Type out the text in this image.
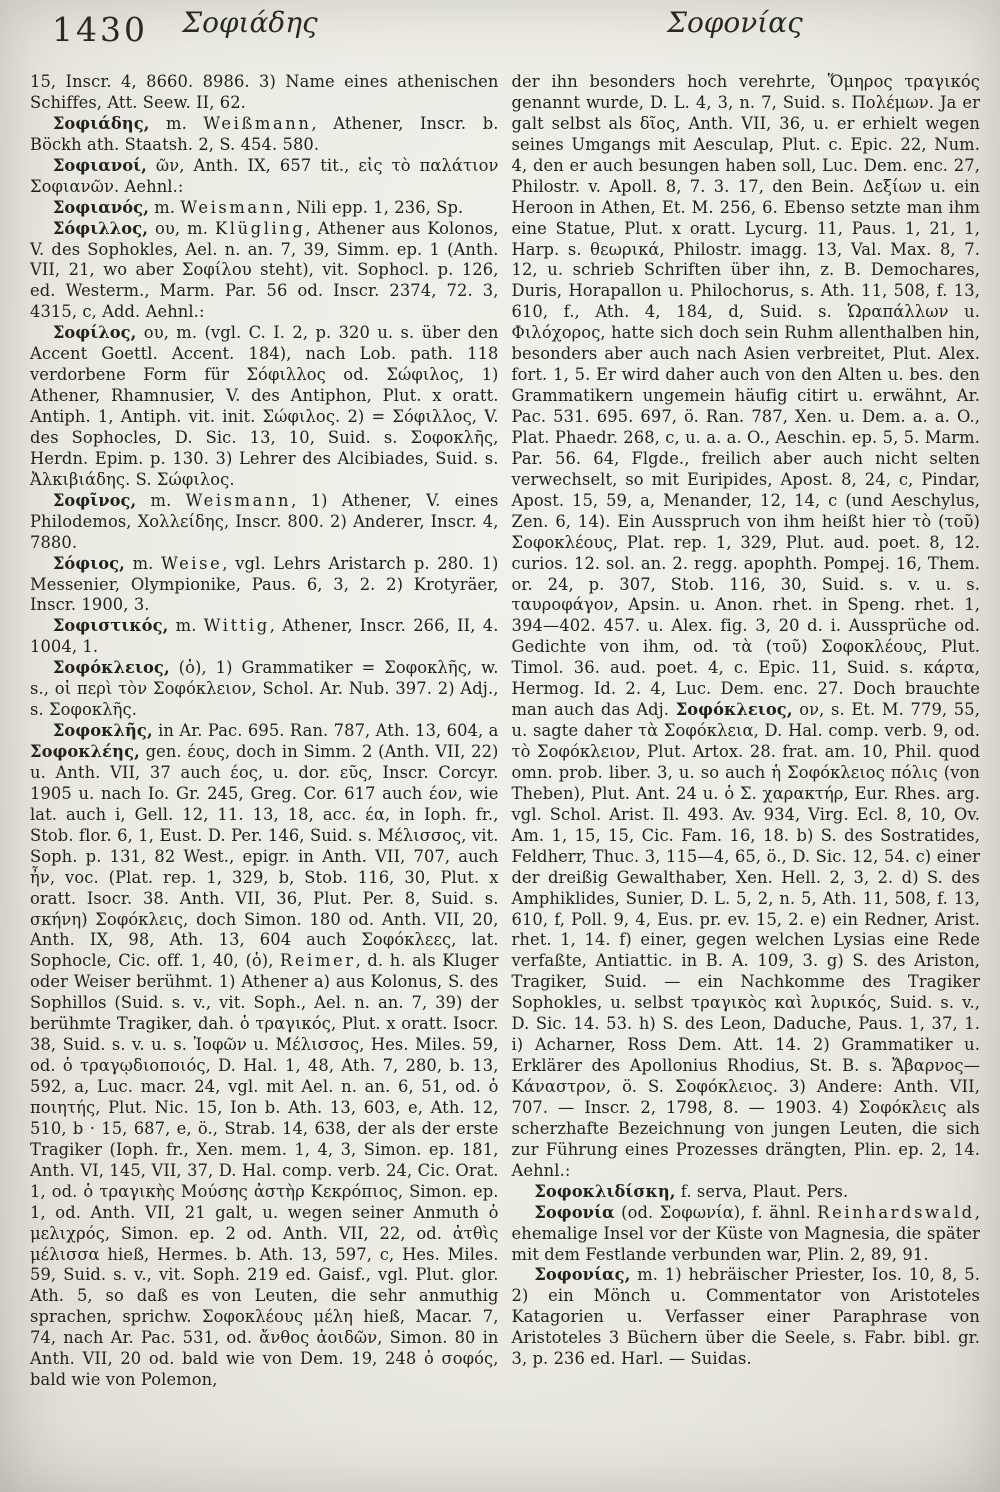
1430	Σοφιάδης	Σοφονίας

15, Inscr. 4, 8660. 8986. 3) Name eines athenischen Schiffes, Att. Seew. II, 62.

Σοφιάδης, m. Weißmann, Athener, Inscr. b. Böckh ath. Staatsh. 2, S. 454. 580.

Σοφιανοί, ῶν, Anth. IX, 657 tit., εἰς τὸ παλάτιον Σοφιανῶν. Aehnl.:

Σοφιανός, m. Weismann, Nili epp. 1, 236, Sp.

Σόφιλλος, ου, m. Klügling, Athener aus Kolonos, V. des Sophokles, Ael. n. an. 7, 39, Simm. ep. 1 (Anth. VII, 21, wo aber Σοφίλου steht), vit. Sophocl. p. 126, ed. Westerm., Marm. Par. 56 od. Inscr. 2374, 72. 3, 4315, c, Add. Aehnl.:

Σοφίλος, ου, m. (vgl. C. I. 2, p. 320 u. s. über den Accent Goettl. Accent. 184), nach Lob. path. 118 verdorbene Form für Σόφιλλος od. Σώφιλος, 1) Athener, Rhamnusier, V. des Antiphon, Plut. x oratt. Antiph. 1, Antiph. vit. init. Σώφιλος. 2) = Σόφιλλος, V. des Sophocles, D. Sic. 13, 10, Suid. s. Σοφοκλῆς, Herdn. Epim. p. 130. 3) Lehrer des Alcibiades, Suid. s. Ἀλκιβιάδης. S. Σώφιλος.

Σοφῖνος, m. Weismann, 1) Athener, V. eines Philodemos, Χολλείδης, Inscr. 800. 2) Anderer, Inscr. 4, 7880.

Σόφιος, m. Weise, vgl. Lehrs Aristarch p. 280. 1) Messenier, Olympionike, Paus. 6, 3, 2. 2) Krotyräer, Inscr. 1900, 3.

Σοφιστικός, m. Wittig, Athener, Inscr. 266, II, 4. 1004, 1.

Σοφόκλειος, (ὁ), 1) Grammatiker = Σοφοκλῆς, w. s., οἱ περὶ τὸν Σοφόκλειον, Schol. Ar. Nub. 397. 2) Adj., s. Σοφοκλῆς.

Σοφοκλῆς, in Ar. Pac. 695. Ran. 787, Ath. 13, 604, a Σοφοκλέης, gen. έους, doch in Simm. 2 (Anth. VII, 22) u. Anth. VII, 37 auch έος, u. dor. εῦς, Inscr. Corcyr. 1905 u. nach Io. Gr. 245, Greg. Cor. 617 auch έον, wie lat. auch i, Gell. 12, 11. 13, 18, acc. έα, in Ioph. fr., Stob. flor. 6, 1, Eust. D. Per. 146, Suid. s. Μέλισσος, vit. Soph. p. 131, 82 West., epigr. in Anth. VII, 707, auch ἦν, voc. (Plat. rep. 1, 329, b, Stob. 116, 30, Plut. x oratt. Isocr. 38. Anth. VII, 36, Plut. Per. 8, Suid. s. σκήνη) Σοφόκλεις, doch Simon. 180 od. Anth. VII, 20, Anth. IX, 98, Ath. 13, 604 auch Σοφόκλεες, lat. Sophocle, Cic. off. 1, 40, (ὁ), Reimer, d. h. als Kluger oder Weiser berühmt. 1) Athener a) aus Kolonus, S. des Sophillos (Suid. s. v., vit. Soph., Ael. n. an. 7, 39) der berühmte Tragiker, dah. ὁ τραγικός, Plut. x oratt. Isocr. 38, Suid. s. v. u. s. Ἰοφῶν u. Μέλισσος, Hes. Miles. 59, od. ὁ τραγῳδιοποιός, D. Hal. 1, 48, Ath. 7, 280, b. 13, 592, a, Luc. macr. 24, vgl. mit Ael. n. an. 6, 51, od. ὁ ποιητής, Plut. Nic. 15, Ion b. Ath. 13, 603, e, Ath. 12, 510, b · 15, 687, e, ö., Strab. 14, 638, der als der erste Tragiker (Ioph. fr., Xen. mem. 1, 4, 3, Simon. ep. 181, Anth. VI, 145, VII, 37, D. Hal. comp. verb. 24, Cic. Orat. 1, od. ὁ τραγικὴς Μούσης ἀστὴρ Κεκρόπιος, Simon. ep. 1, od. Anth. VII, 21 galt, u. wegen seiner Anmuth ὁ μελιχρός, Simon. ep. 2 od. Anth. VII, 22, od. ἀτθὶς μέλισσα hieß, Hermes. b. Ath. 13, 597, c, Hes. Miles. 59, Suid. s. v., vit. Soph. 219 ed. Gaisf., vgl. Plut. glor. Ath. 5, so daß es von Leuten, die sehr anmuthig sprachen, sprichw. Σοφοκλέους μέλη hieß, Macar. 7, 74, nach Ar. Pac. 531, od. ἄνθος ἀοιδῶν, Simon. 80 in Anth. VII, 20 od. bald wie von Dem. 19, 248 ὁ σοφός, bald wie von Polemon,

der ihn besonders hoch verehrte, Ὅμηρος τραγικός genannt wurde, D. L. 4, 3, n. 7, Suid. s. Πολέμων. Ja er galt selbst als δῖος, Anth. VII, 36, u. er erhielt wegen seines Umgangs mit Aesculap, Plut. c. Epic. 22, Num. 4, den er auch besungen haben soll, Luc. Dem. enc. 27, Philostr. v. Apoll. 8, 7. 3. 17, den Bein. Δεξίων u. ein Heroon in Athen, Et. M. 256, 6. Ebenso setzte man ihm eine Statue, Plut. x oratt. Lycurg. 11, Paus. 1, 21, 1, Harp. s. θεωρικά, Philostr. imagg. 13, Val. Max. 8, 7. 12, u. schrieb Schriften über ihn, z. B. Demochares, Duris, Horapallon u. Philochorus, s. Ath. 11, 508, f. 13, 610, f., Ath. 4, 184, d, Suid. s. Ὡραπάλλων u. Φιλόχορος, hatte sich doch sein Ruhm allenthalben hin, besonders aber auch nach Asien verbreitet, Plut. Alex. fort. 1, 5. Er wird daher auch von den Alten u. bes. den Grammatikern ungemein häufig citirt u. erwähnt, Ar. Pac. 531. 695. 697, ö. Ran. 787, Xen. u. Dem. a. a. O., Plat. Phaedr. 268, c, u. a. a. O., Aeschin. ep. 5, 5. Marm. Par. 56. 64, Flgde., freilich aber auch nicht selten verwechselt, so mit Euripides, Apost. 8, 24, c, Pindar, Apost. 15, 59, a, Menander, 12, 14, c (und Aeschylus, Zen. 6, 14). Ein Ausspruch von ihm heißt hier τὸ (τοῦ) Σοφοκλέους, Plat. rep. 1, 329, Plut. aud. poet. 8, 12. curios. 12. sol. an. 2. regg. apophth. Pompej. 16, Them. or. 24, p. 307, Stob. 116, 30, Suid. s. v. u. s. ταυροφάγον, Apsin. u. Anon. rhet. in Speng. rhet. 1, 394—402. 457. u. Alex. fig. 3, 20 d. i. Aussprüche od. Gedichte von ihm, od. τὰ (τοῦ) Σοφοκλέους, Plut. Timol. 36. aud. poet. 4, c. Epic. 11, Suid. s. κάρτα, Hermog. Id. 2. 4, Luc. Dem. enc. 27. Doch brauchte man auch das Adj. Σοφόκλειος, ον, s. Et. M. 779, 55, u. sagte daher τὰ Σοφόκλεια, D. Hal. comp. verb. 9, od. τὸ Σοφόκλειον, Plut. Artox. 28. frat. am. 10, Phil. quod omn. prob. liber. 3, u. so auch ἡ Σοφόκλειος πόλις (von Theben), Plut. Ant. 24 u. ὁ Σ. χαρακτήρ, Eur. Rhes. arg. vgl. Schol. Arist. Il. 493. Av. 934, Virg. Ecl. 8, 10, Ov. Am. 1, 15, 15, Cic. Fam. 16, 18. b) S. des Sostratides, Feldherr, Thuc. 3, 115—4, 65, ö., D. Sic. 12, 54. c) einer der dreißig Gewalthaber, Xen. Hell. 2, 3, 2. d) S. des Amphiklides, Sunier, D. L. 5, 2, n. 5, Ath. 11, 508, f. 13, 610, f, Poll. 9, 4, Eus. pr. ev. 15, 2. e) ein Redner, Arist. rhet. 1, 14. f) einer, gegen welchen Lysias eine Rede verfaßte, Antiattic. in B. A. 109, 3. g) S. des Ariston, Tragiker, Suid. — ein Nachkomme des Tragiker Sophokles, u. selbst τραγικὸς καὶ λυρικός, Suid. s. v., D. Sic. 14. 53. h) S. des Leon, Daduche, Paus. 1, 37, 1. i) Acharner, Ross Dem. Att. 14. 2) Grammatiker u. Erklärer des Apollonius Rhodius, St. B. s. Ἄβαρνος—Κάναστρον, ö. S. Σοφόκλειος. 3) Andere: Anth. VII, 707. — Inscr. 2, 1798, 8. — 1903. 4) Σοφόκλεις als scherzhafte Bezeichnung von jungen Leuten, die sich zur Führung eines Prozesses drängten, Plin. ep. 2, 14. Aehnl.:

Σοφοκλιδίσκη, f. serva, Plaut. Pers.

Σοφονία (od. Σοφωνία), f. ähnl. Reinhardswald, ehemalige Insel vor der Küste von Magnesia, die später mit dem Festlande verbunden war, Plin. 2, 89, 91.

Σοφονίας, m. 1) hebräischer Priester, Ios. 10, 8, 5. 2) ein Mönch u. Commentator von Aristoteles Katagorien u. Verfasser einer Paraphrase von Aristoteles 3 Büchern über die Seele, s. Fabr. bibl. gr. 3, p. 236 ed. Harl. — Suidas.
